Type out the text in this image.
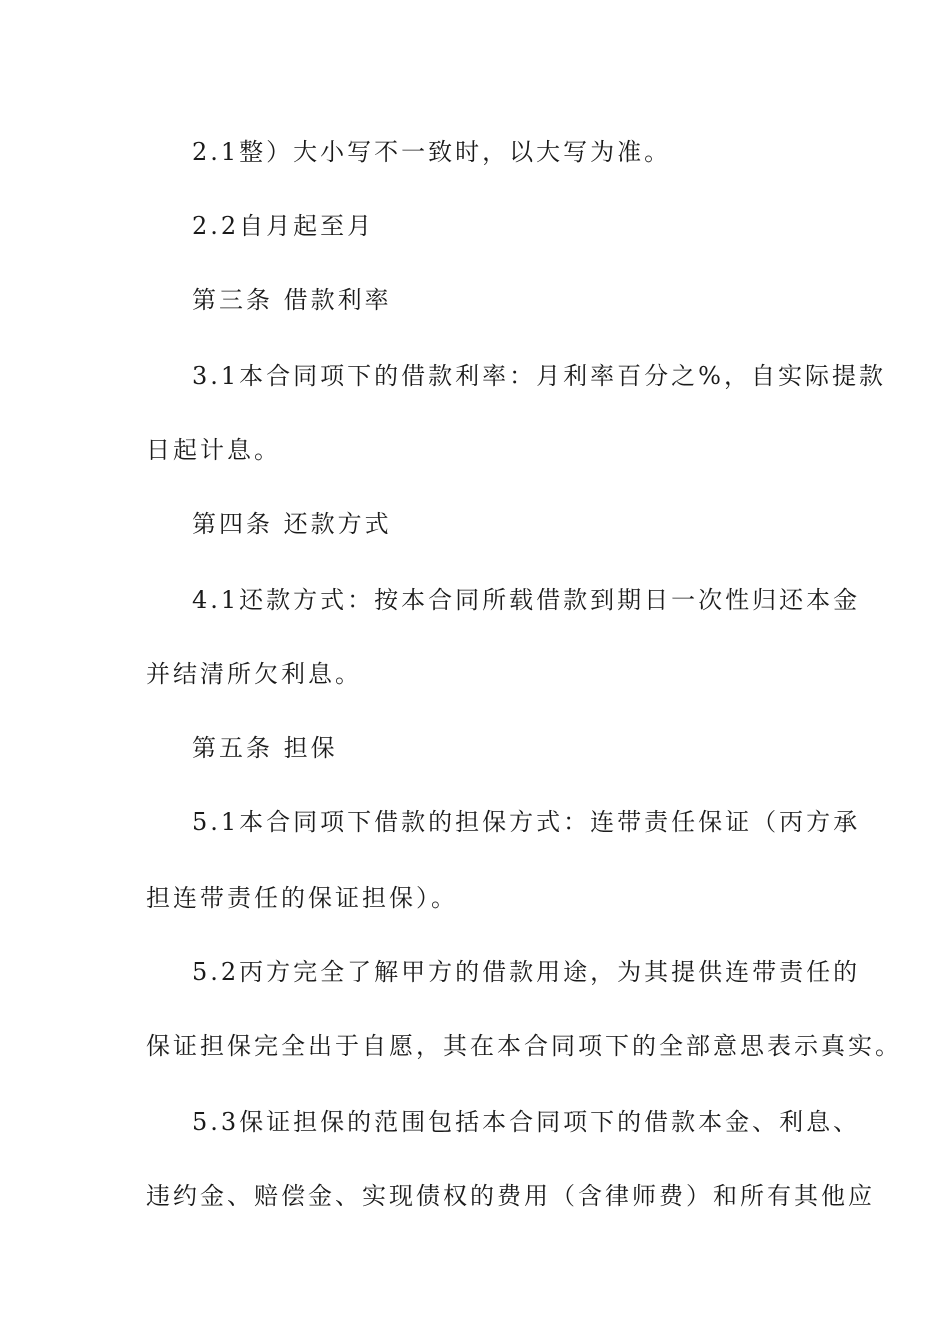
2.1整）大小写不一致时，以大写为准。
2.2自月起至月
第三条 借款利率
3.1本合同项下的借款利率：月利率百分之%，自实际提款
日起计息。
第四条 还款方式
4.1还款方式：按本合同所载借款到期日一次性归还本金
并结清所欠利息。
第五条 担保
5.1本合同项下借款的担保方式：连带责任保证（丙方承
担连带责任的保证担保）。
5.2丙方完全了解甲方的借款用途，为其提供连带责任的
保证担保完全出于自愿，其在本合同项下的全部意思表示真实。
5.3保证担保的范围包括本合同项下的借款本金、利息、
违约金、赔偿金、实现债权的费用（含律师费）和所有其他应
